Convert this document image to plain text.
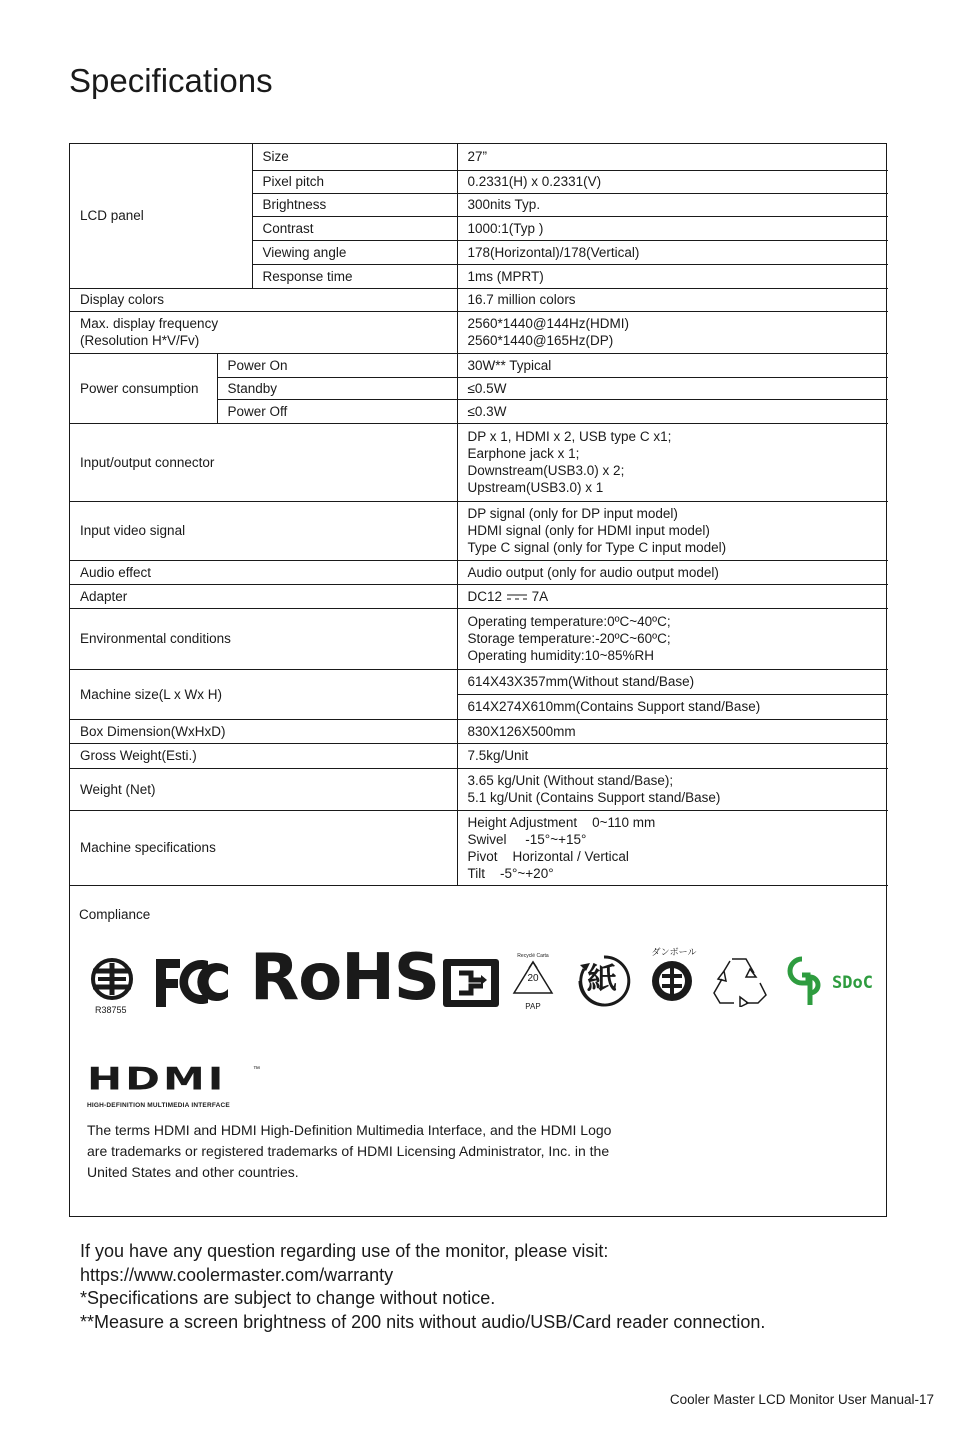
Specifications
LCD panel		Size	27”
		Pixel pitch	0.2331(H) x 0.2331(V)
		Brightness	300nits Typ.
		Contrast	1000:1(Typ )
		Viewing angle	178(Horizontal)/178(Vertical)
		Response time	1ms (MPRT)
Display colors			16.7 million colors

Max. display frequency
(Resolution H*V/Fv)			2560*1440@144Hz(HDMI)
2560*1440@165Hz(DP)

Power consumption	Power On		30W** Typical
	Standby		≤0.5W
	Power Off		≤0.3W
Input/output connector			DP x 1, HDMI x 2, USB type C x1;
Earphone jack x 1;
Downstream(USB3.0) x 2;
Upstream(USB3.0) x 1

Input video signal			DP signal (only for DP input model)
HDMI signal (only for HDMI input model)
Type C signal (only for Type C input model)

Audio effect			Audio output (only for audio output model)
Adapter			DC12 7A
Environmental conditions			Operating temperature:0ºC~40ºC;
Storage temperature:-20ºC~60ºC;
Operating humidity:10~85%RH

Machine size(L x Wx H)			614X43X357mm(Without stand/Base)
			614X274X610mm(Contains Support stand/Base)
Box Dimension(WxHxD)			830X126X500mm
Gross Weight(Esti.)			7.5kg/Unit
Weight (Net)			3.65 kg/Unit (Without stand/Base);
5.1 kg/Unit (Contains Support stand/Base)

Machine specifications			Height Adjustment    0~110 mm
Swivel     -15°~+15°
Pivot    Horizontal / Vertical
Tilt    -5°~+20°
Compliance
R38755 RoHS	Recyclé Carta
20
PAP
紙
ダンボール
SDoC
HDMI	™
HIGH-DEFINITION MULTIMEDIA INTERFACE
The terms HDMI and HDMI High-Definition Multimedia Interface, and the HDMI Logo
are trademarks or registered trademarks of HDMI Licensing Administrator, Inc. in the
United States and other countries.
If you have any question regarding use of the monitor, please visit:
https://www.coolermaster.com/warranty
*Specifications are subject to change without notice.
**Measure a screen brightness of 200 nits without audio/USB/Card reader connection.
Cooler Master LCD Monitor User Manual-17
